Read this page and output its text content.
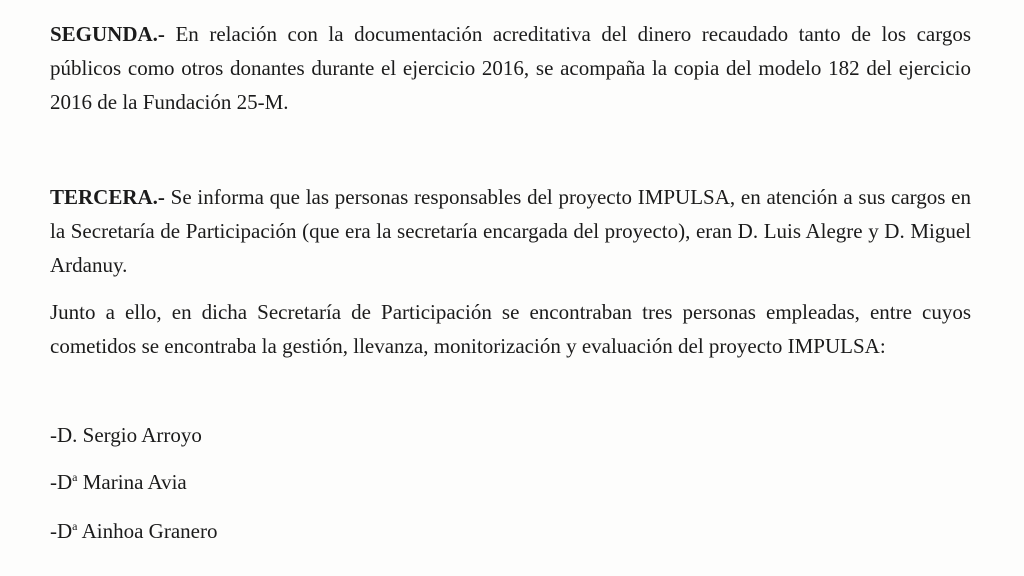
SEGUNDA.- En relación con la documentación acreditativa del dinero recaudado tanto de los cargos públicos como otros donantes durante el ejercicio 2016, se acompaña la copia del modelo 182 del ejercicio 2016 de la Fundación 25-M.

TERCERA.- Se informa que las personas responsables del proyecto IMPULSA, en atención a sus cargos en la Secretaría de Participación (que era la secretaría encargada del proyecto), eran D. Luis Alegre y D. Miguel Ardanuy.

Junto a ello, en dicha Secretaría de Participación se encontraban tres personas empleadas, entre cuyos cometidos se encontraba la gestión, llevanza, monitorización y evaluación del proyecto IMPULSA:

-D. Sergio Arroyo

$-D^a$ Marina Avia

$-D^a$ Ainhoa Granero
